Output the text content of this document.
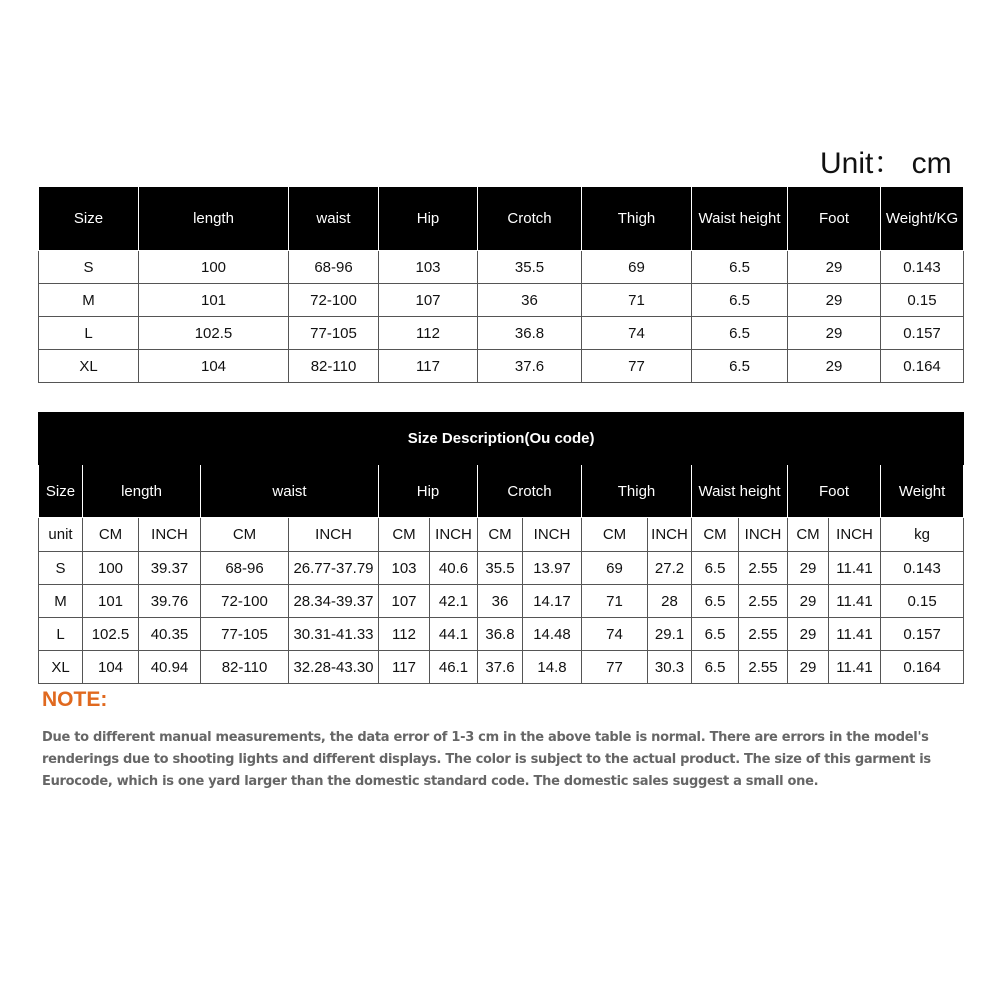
Unit： cm
Size	length	waist	Hip	Crotch	Thigh	Waist height	Foot	Weight/KG
S	100	68-96	103	35.5	69	6.5	29	0.143
M	101	72-100	107	36	71	6.5	29	0.15
L	102.5	77-105	112	36.8	74	6.5	29	0.157
XL	104	82-110	117	37.6	77	6.5	29	0.164
Size Description(Ou code)															
Size	length		waist		Hip		Crotch		Thigh		Waist height		Foot		Weight
unit	CM	INCH	CM	INCH	CM	INCH	CM	INCH	CM	INCH	CM	INCH	CM	INCH	kg
S	100	39.37	68-96	26.77-37.79	103	40.6	35.5	13.97	69	27.2	6.5	2.55	29	11.41	0.143
M	101	39.76	72-100	28.34-39.37	107	42.1	36	14.17	71	28	6.5	2.55	29	11.41	0.15
L	102.5	40.35	77-105	30.31-41.33	112	44.1	36.8	14.48	74	29.1	6.5	2.55	29	11.41	0.157
XL	104	40.94	82-110	32.28-43.30	117	46.1	37.6	14.8	77	30.3	6.5	2.55	29	11.41	0.164
NOTE:
Due to different manual measurements, the data error of 1-3 cm in the above table is normal. There are errors in the model's renderings due to shooting lights and different displays. The color is subject to the actual product. The size of this garment is Eurocode, which is one yard larger than the domestic standard code. The domestic sales suggest a small one.
